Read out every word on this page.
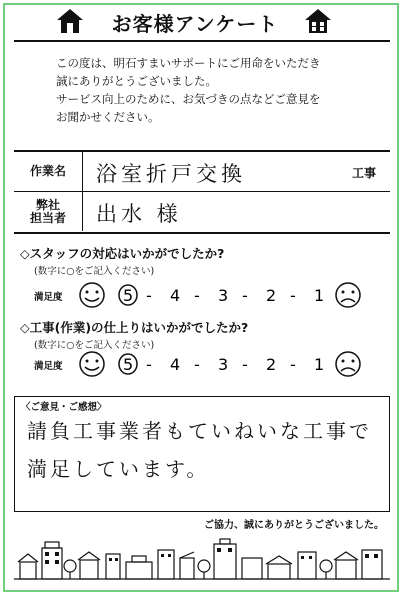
お客様アンケート
この度は、明石すまいサポートにご用命をいただき
誠にありがとうございました。
サービス向上のために、お気づきの点などご意見を
お聞かせください。
作業名	浴室折戸交換	工事
弊社
担当者 出水 様
◇スタッフの対応はいかがでしたか?
(数字に○をご記入ください)
満足度	5 - 4 - 3 - 2 - 1
◇工事(作業)の仕上りはいかがでしたか?
(数字に○をご記入ください)
満足度	5 - 4 - 3 - 2 - 1
〈ご意見・ご感想〉
請負工事業者もていねいな工事で
満足しています。
ご協力、誠にありがとうございました。
